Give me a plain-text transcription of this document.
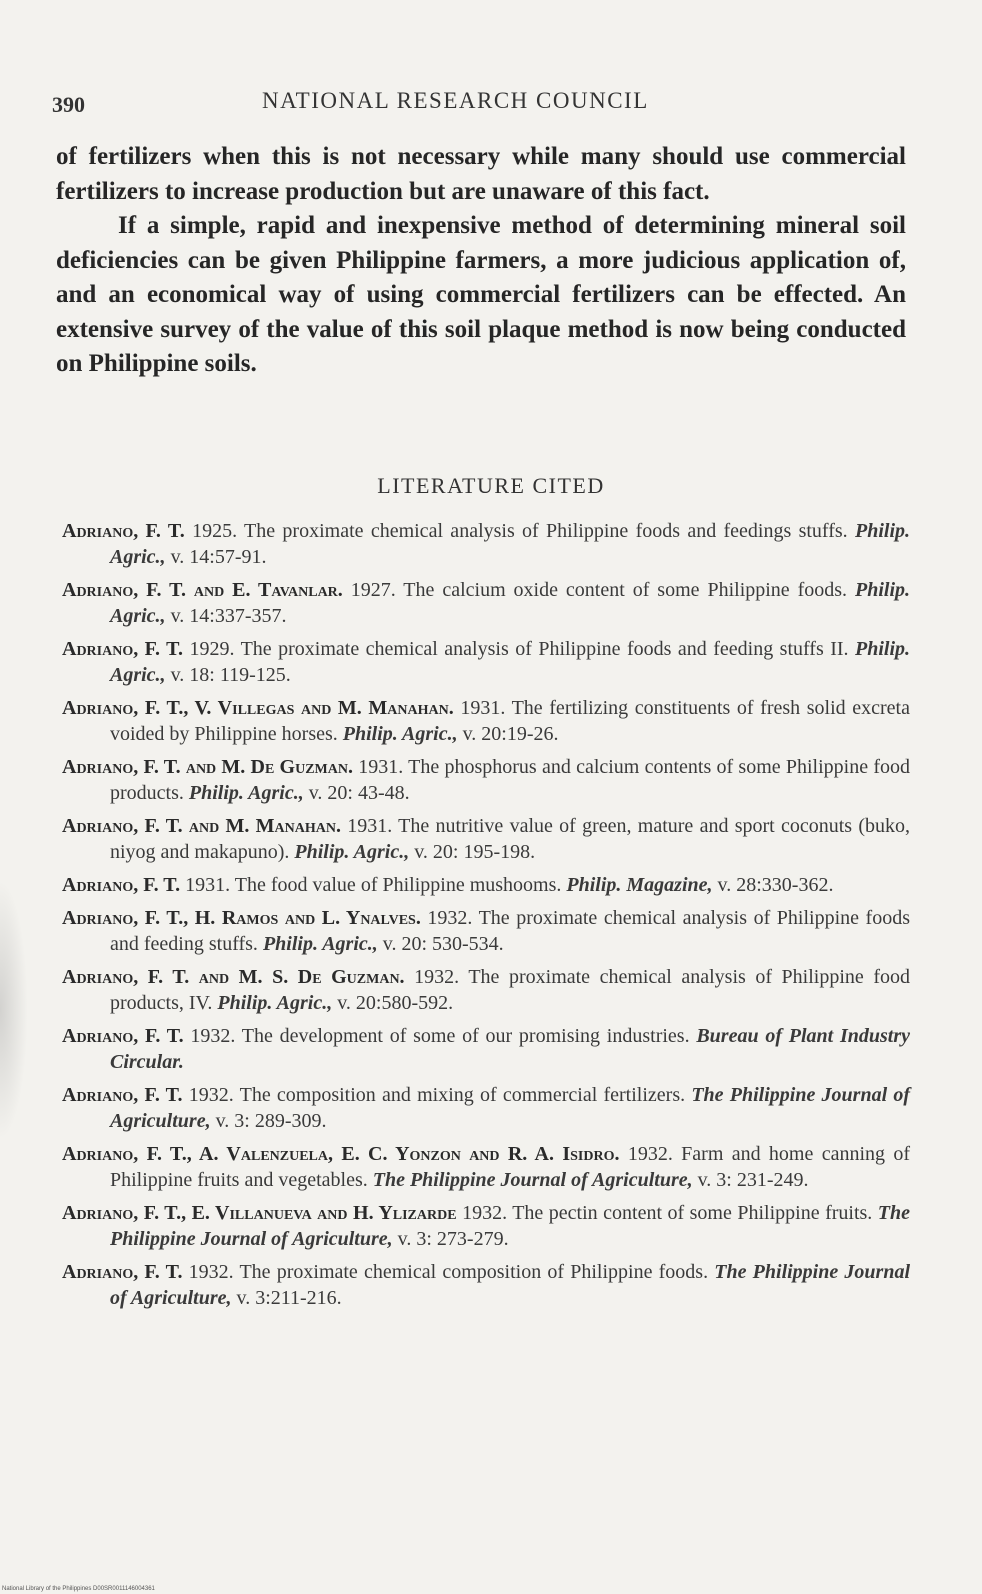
390	NATIONAL RESEARCH COUNCIL

of fertilizers when this is not necessary while many should use commercial fertilizers to increase production but are unaware of this fact.

If a simple, rapid and inexpensive method of determining mineral soil deficiencies can be given Philippine farmers, a more judicious application of, and an economical way of using commercial fertilizers can be effected. An extensive survey of the value of this soil plaque method is now being conducted on Philippine soils.

LITERATURE CITED

Adriano, F. T. 1925. The proximate chemical analysis of Philippine foods and feedings stuffs. Philip. Agric., v. 14:57-91.

Adriano, F. T. and E. Tavanlar. 1927. The calcium oxide content of some Philippine foods. Philip. Agric., v. 14:337-357.

Adriano, F. T. 1929. The proximate chemical analysis of Philippine foods and feeding stuffs II. Philip. Agric., v. 18: 119-125.

Adriano, F. T., V. Villegas and M. Manahan. 1931. The fertilizing constituents of fresh solid excreta voided by Philippine horses. Philip. Agric., v. 20:19-26.

Adriano, F. T. and M. De Guzman. 1931. The phosphorus and calcium contents of some Philippine food products. Philip. Agric., v. 20: 43-48.

Adriano, F. T. and M. Manahan. 1931. The nutritive value of green, mature and sport coconuts (buko, niyog and makapuno). Philip. Agric., v. 20: 195-198.

Adriano, F. T. 1931. The food value of Philippine mushooms. Philip. Magazine, v. 28:330-362.

Adriano, F. T., H. Ramos and L. Ynalves. 1932. The proximate chemical analysis of Philippine foods and feeding stuffs. Philip. Agric., v. 20: 530-534.

Adriano, F. T. and M. S. De Guzman. 1932. The proximate chemical analysis of Philippine food products, IV. Philip. Agric., v. 20:580-592.

Adriano, F. T. 1932. The development of some of our promising industries. Bureau of Plant Industry Circular.

Adriano, F. T. 1932. The composition and mixing of commercial fertilizers. The Philippine Journal of Agriculture, v. 3: 289-309.

Adriano, F. T., A. Valenzuela, E. C. Yonzon and R. A. Isidro. 1932. Farm and home canning of Philippine fruits and vegetables. The Philippine Journal of Agriculture, v. 3: 231-249.

Adriano, F. T., E. Villanueva and H. Ylizarde 1932. The pectin content of some Philippine fruits. The Philippine Journal of Agriculture, v. 3: 273-279.

Adriano, F. T. 1932. The proximate chemical composition of Philippine foods. The Philippine Journal of Agriculture, v. 3:211-216.

National Library of the Philippines D00SR0011146004361
